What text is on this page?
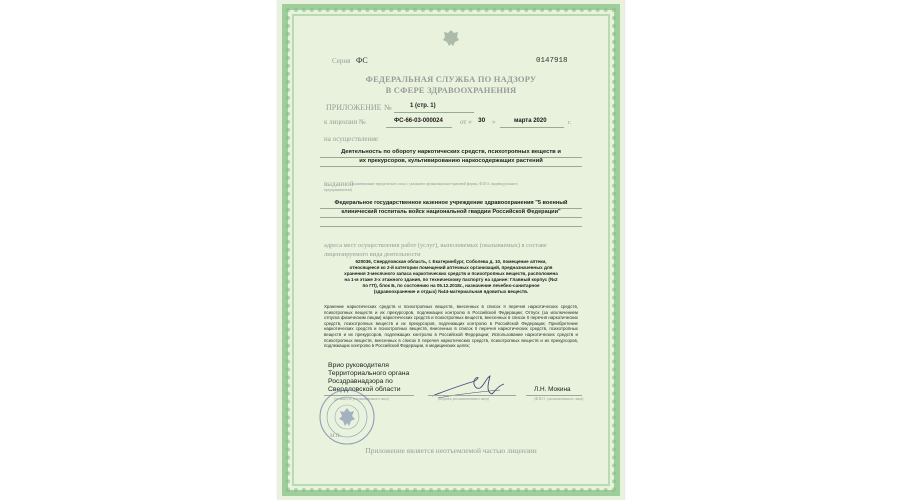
Серия ФС	0147918

ФЕДЕРАЛЬНАЯ СЛУЖБА ПО НАДЗОРУ

В СФЕРЕ ЗДРАВООХРАНЕНИЯ

ПРИЛОЖЕНИЕ №	1 (стр. 1)

к лицензии №	ФС-66-03-000024 от « 30 »	марта 2020	г.

на осуществление

Деятельность по обороту наркотических средств, психотропных веществ и

их прекурсоров, культивированию наркосодержащих растений

выданной

(наименование юридического лица с указанием организационно-правовой формы, Ф.И.О. индивидуального

предпринимателя)

Федеральное государственное казенное учреждение здравоохранения "5 военный

клинический госпиталь войск национальной гвардии Российской Федерации"

адреса мест осуществления работ (услуг), выполняемых (оказываемых) в составе

лицензируемого вида деятельности

620036, Свердловская область, г. Екатеринбург, Соболева д. 10, помещение аптеки,

относящееся ко 2-й категории помещений аптечных организаций, предназначенных для

хранения 3-месячного запаса наркотических средств и психотропных веществ, расположена

на 1-м этаже 3-х этажного здания, по техническому паспорту на здание: Главный корпус (№2

по ГП), блок Б, по состоянию на 05.12.2018г., назначение лечебно-санитарное

(здравоохранение и отдых) №44-материальная ядовитых веществ.

Хранение наркотических средств и психотропных веществ, внесенных в список II перечня наркотических средств, психотропных веществ и их прекурсоров, подлежащих контролю в Российской Федерации; Отпуск (за исключением отпуска физическим лицам) наркотических средств и психотропных веществ, внесенных в список II перечня наркотических средств, психотропных веществ и их прекурсоров, подлежащих контролю в Российской Федерации; Приобретение наркотических средств и психотропных веществ, внесенных в список II перечня наркотических средств, психотропных веществ и их прекурсоров, подлежащих контролю в Российской Федерации; Использование наркотических средств и психотропных веществ, внесенных в список II перечня наркотических средств, психотропных веществ и их прекурсоров, подлежащих контролю в Российской Федерации, в медицинских целях;

Врио руководителя

Территориального органа

Росздравнадзора по

Свердловской области

(должность уполномоченного лица)	(подпись уполномоченного лица)

Л.Н. Мокина

(Ф.И.О. уполномоченного лица)

М.П.

Приложение является неотъемлемой частью лицензии
